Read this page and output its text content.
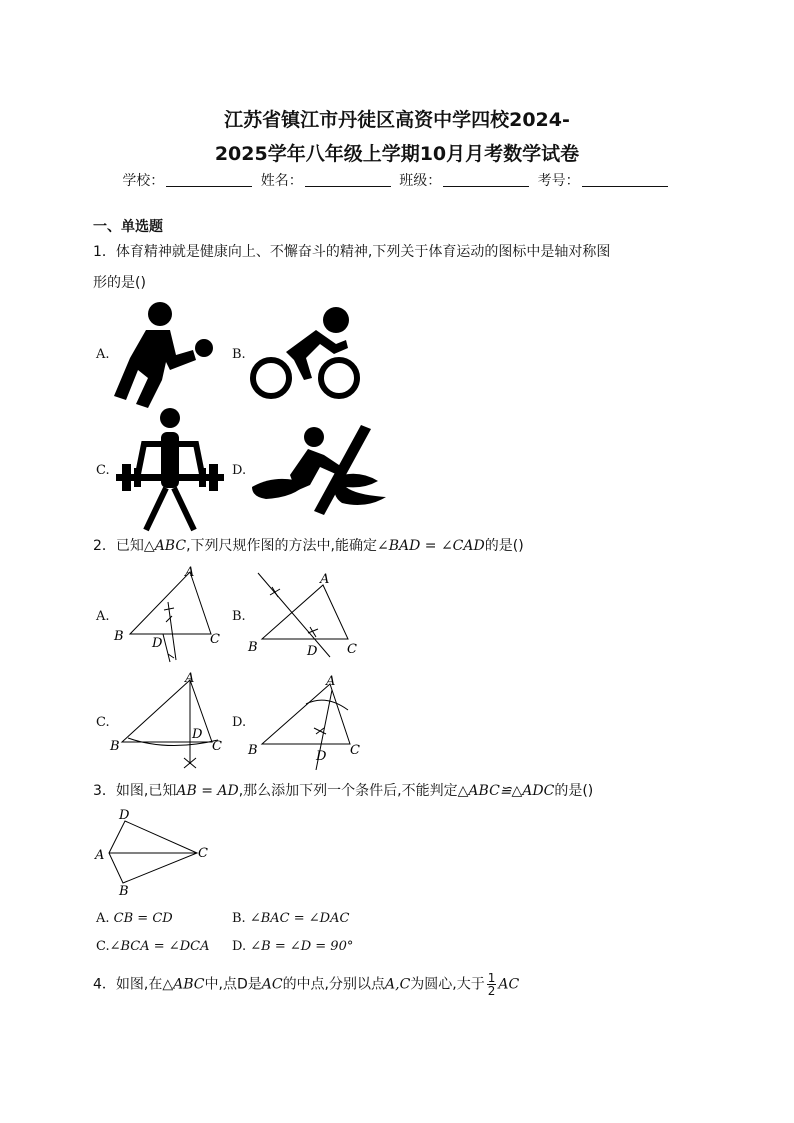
江苏省镇江市丹徒区高资中学四校2024-
2025学年八年级上学期10月月考数学试卷
学校：	姓名：	班级：	考号：
一、单选题
1．体育精神就是健康向上、不懈奋斗的精神,下列关于体育运动的图标中是轴对称图
形的是()
A.	B.
C.	D.
2．已知△ABC,下列尺规作图的方法中,能确定∠BAD = ∠CAD的是()
A.
A
B	C
D
B.
A
B	C
D
C.
A
B	C
D
D.
A
B	C
D
3．如图,已知AB = AD,那么添加下列一个条件后,不能判定△ABC≌△ADC的是()
D
A	C
B
A. CB = CD	B. ∠BAC = ∠DAC
C.∠BCA = ∠DCA D. ∠B = ∠D = 90°
4．如图,在△ABC中,点D是AC的中点,分别以点A,C为圆心,大于 $\frac{1}{2}$ AC
